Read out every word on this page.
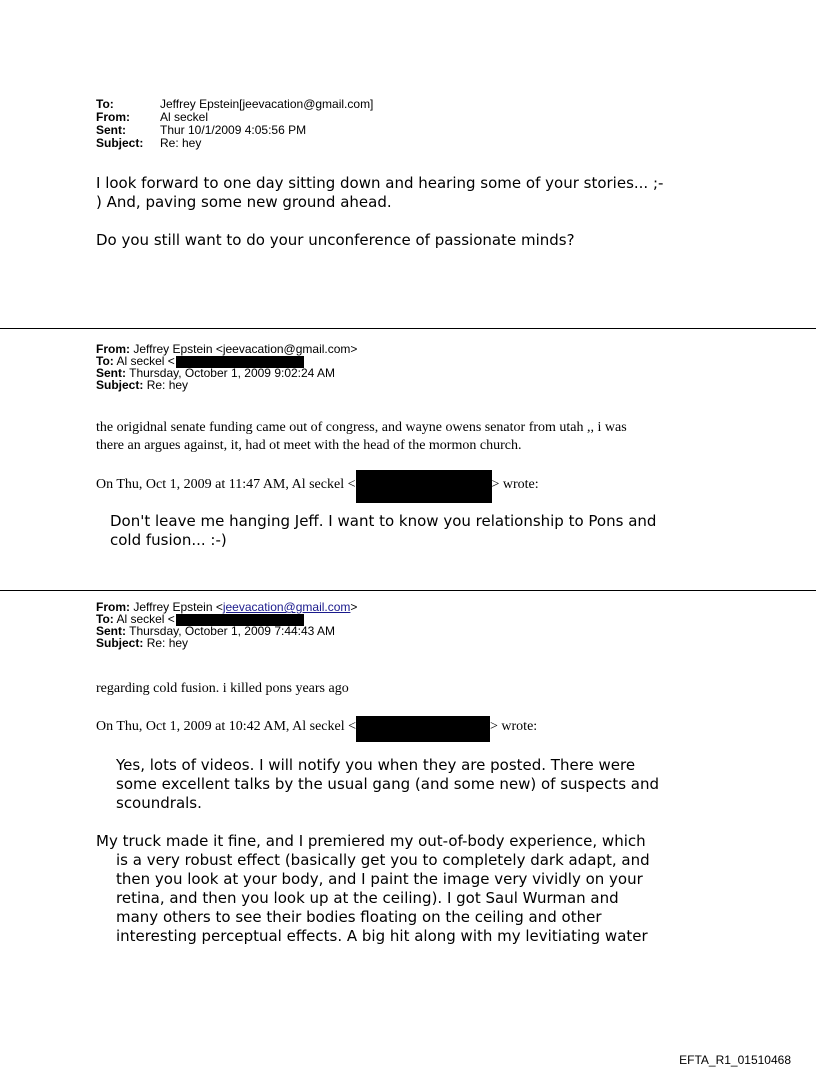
To:	Jeffrey Epstein[jeevacation@gmail.com]
From:	Al seckel
Sent:	Thur 10/1/2009 4:05:56 PM
Subject: Re: hey
I look forward to one day sitting down and hearing some of your stories... ;-
) And, paving some new ground ahead.
Do you still want to do your unconference of passionate minds?
From: Jeffrey Epstein <jeevacation@gmail.com>
To: Al seckel <
Sent: Thursday, October 1, 2009 9:02:24 AM
Subject: Re: hey
the origidnal senate funding came out of congress, and wayne owens senator from utah ,, i was
there an argues against, it, had ot meet with the head of the mormon church.
On Thu, Oct 1, 2009 at 11:47 AM, Al seckel <	> wrote:
Don't leave me hanging Jeff. I want to know you relationship to Pons and
cold fusion... :-)
From: Jeffrey Epstein <jeevacation@gmail.com>
To: Al seckel <
Sent: Thursday, October 1, 2009 7:44:43 AM
Subject: Re: hey
regarding cold fusion. i killed pons years ago
On Thu, Oct 1, 2009 at 10:42 AM, Al seckel <	> wrote:
Yes, lots of videos. I will notify you when they are posted. There were
some excellent talks by the usual gang (and some new) of suspects and
scoundrals.
My truck made it fine, and I premiered my out-of-body experience, which
is a very robust effect (basically get you to completely dark adapt, and
then you look at your body, and I paint the image very vividly on your
retina, and then you look up at the ceiling). I got Saul Wurman and
many others to see their bodies floating on the ceiling and other
interesting perceptual effects. A big hit along with my levitiating water
EFTA_R1_01510468
